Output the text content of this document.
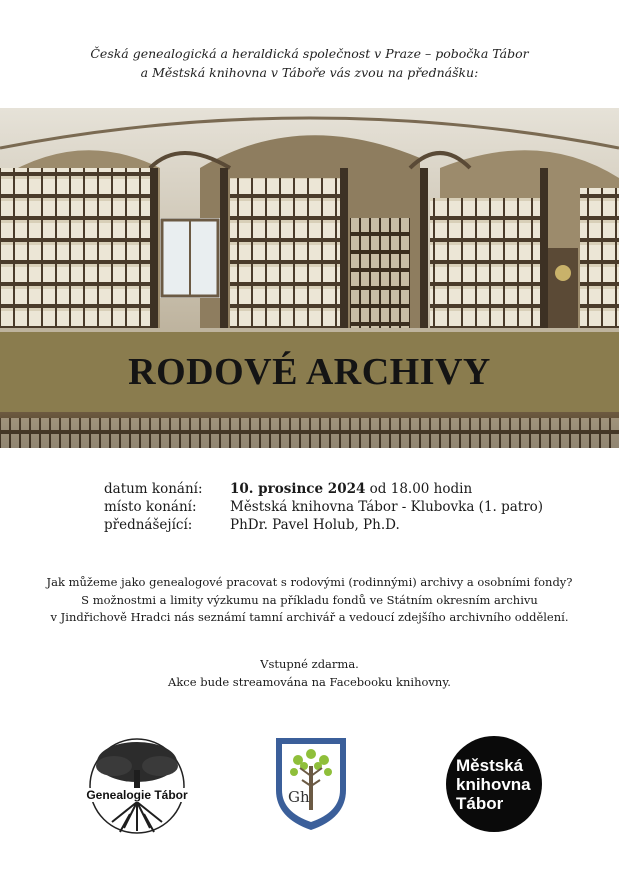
Česká genealogická a heraldická společnost v Praze – pobočka Tábor
a Městská knihovna v Táboře vás zvou na přednášku:
RODOVÉ ARCHIVY
datum konání:	10. prosince 2024 od 18.00 hodin
místo konání:	Městská knihovna Tábor - Klubovka (1. patro)
přednášející:	PhDr. Pavel Holub, Ph.D.
Jak můžeme jako genealogové pracovat s rodovými (rodinnými) archivy a osobními fondy?
S možnostmi a limity výzkumu na příkladu fondů ve Státním okresním archivu
v Jindřichově Hradci nás seznámí tamní archivář a vedoucí zdejšího archivního oddělení.
Vstupné zdarma.
Akce bude streamována na Facebooku knihovny.
Genealogie Tábor	Gh
Městská
knihovna
Tábor
